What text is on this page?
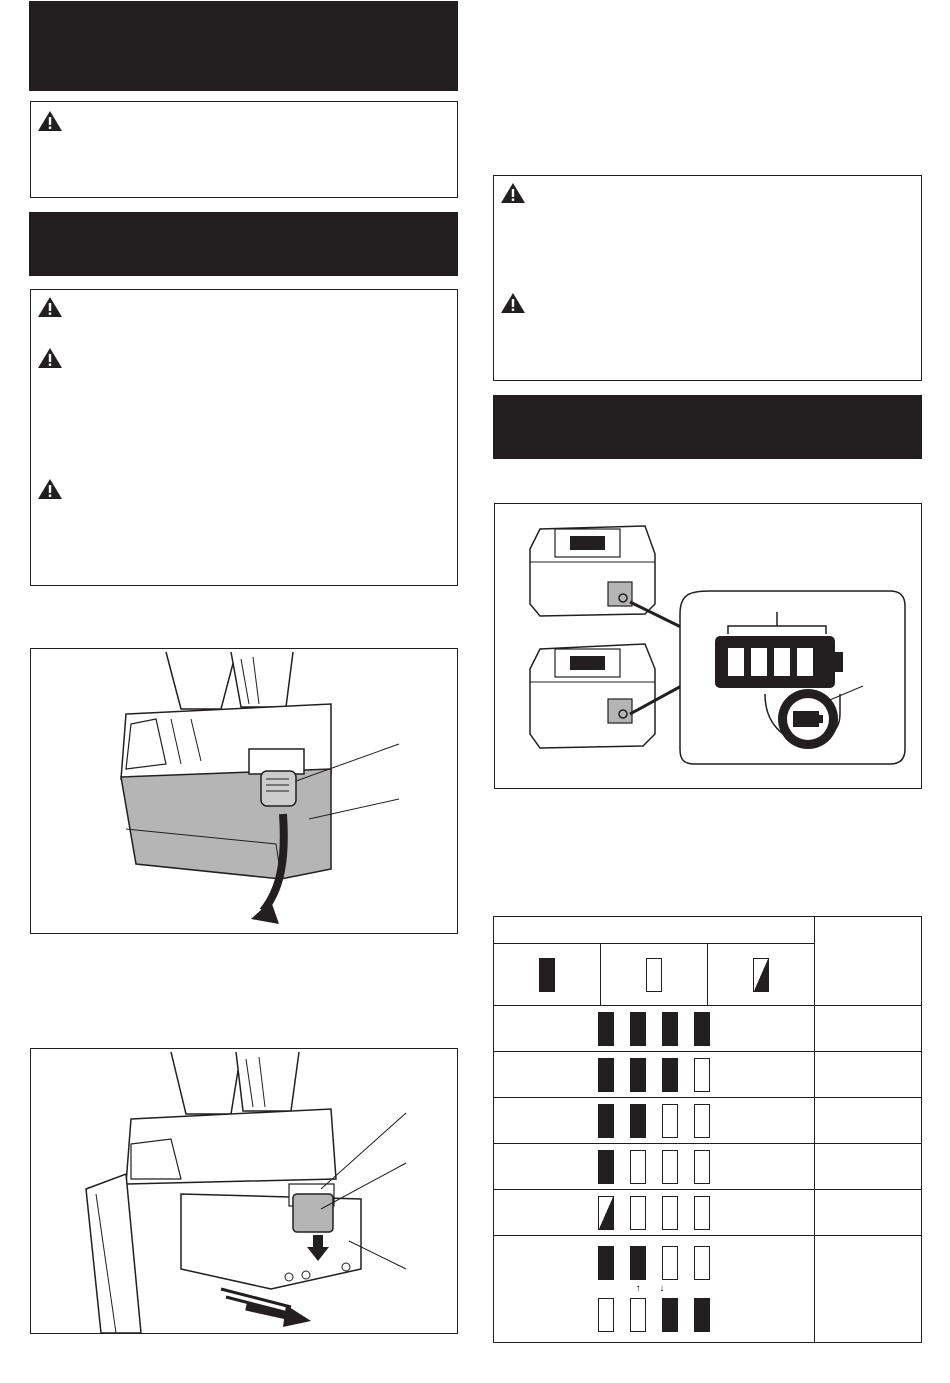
↑ ↓			
